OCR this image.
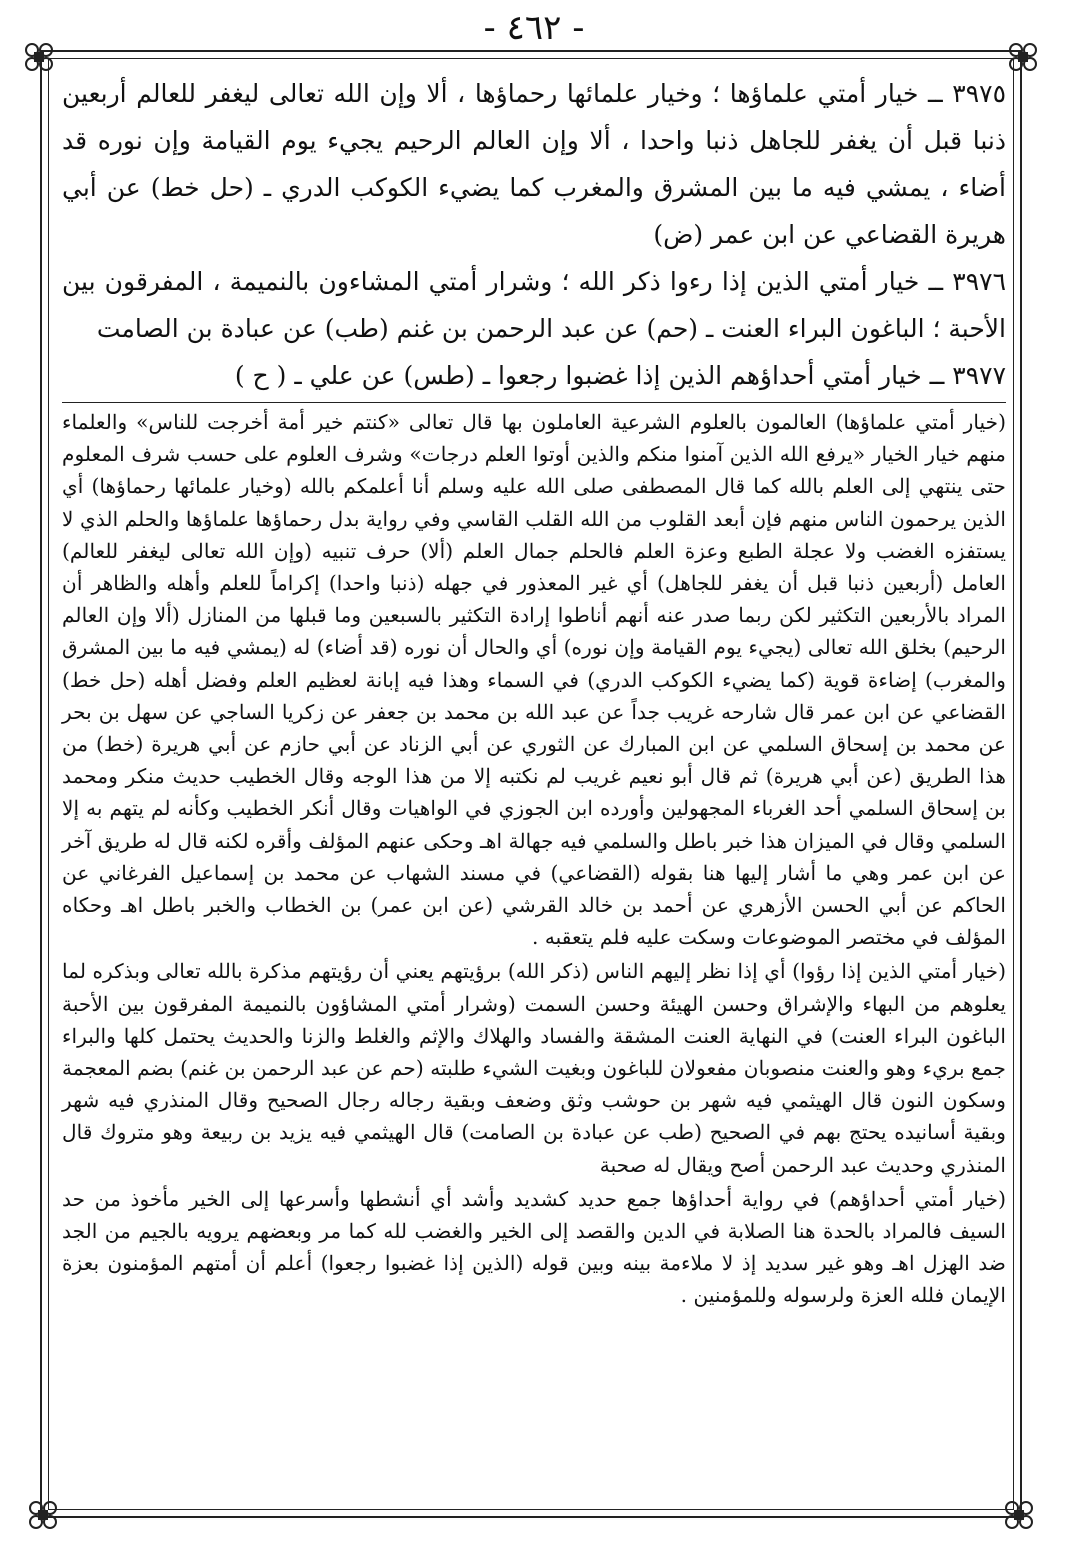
- ٤٦٢ -

٣٩٧٥ ــ خيار أمتي علماؤها ؛ وخيار علمائها رحماؤها ، ألا وإن الله تعالى ليغفر للعالم أربعين ذنبا قبل أن يغفر للجاهل ذنبا واحدا ، ألا وإن العالم الرحيم يجيء يوم القيامة وإن نوره قد أضاء ، يمشي فيه ما بين المشرق والمغرب كما يضيء الكوكب الدري ـ (حل خط) عن أبي هريرة القضاعي عن ابن عمر (ض)

٣٩٧٦ ــ خيار أمتي الذين إذا رءوا ذكر الله ؛ وشرار أمتي المشاءون بالنميمة ، المفرقون بين الأحبة ؛ الباغون البراء العنت ـ (حم) عن عبد الرحمن بن غنم (طب) عن عبادة بن الصامت

٣٩٧٧ ــ خيار أمتي أحداؤهم الذين إذا غضبوا رجعوا ـ (طس) عن علي ـ ( ح )

(خيار أمتي علماؤها) العالمون بالعلوم الشرعية العاملون بها قال تعالى «كنتم خير أمة أخرجت للناس» والعلماء منهم خيار الخيار «يرفع الله الذين آمنوا منكم والذين أوتوا العلم درجات» وشرف العلوم على حسب شرف المعلوم حتى ينتهي إلى العلم بالله كما قال المصطفى صلى الله عليه وسلم أنا أعلمكم بالله (وخيار علمائها رحماؤها) أي الذين يرحمون الناس منهم فإن أبعد القلوب من الله القلب القاسي وفي رواية بدل رحماؤها علماؤها والحلم الذي لا يستفزه الغضب ولا عجلة الطبع وعزة العلم فالحلم جمال العلم (ألا) حرف تنبيه (وإن الله تعالى ليغفر للعالم) العامل (أربعين ذنبا قبل أن يغفر للجاهل) أي غير المعذور في جهله (ذنبا واحدا) إكراماً للعلم وأهله والظاهر أن المراد بالأربعين التكثير لكن ربما صدر عنه أنهم أناطوا إرادة التكثير بالسبعين وما قبلها من المنازل (ألا وإن العالم الرحيم) بخلق الله تعالى (يجيء يوم القيامة وإن نوره) أي والحال أن نوره (قد أضاء) له (يمشي فيه ما بين المشرق والمغرب) إضاءة قوية (كما يضيء الكوكب الدري) في السماء وهذا فيه إبانة لعظيم العلم وفضل أهله (حل خط) القضاعي عن ابن عمر قال شارحه غريب جداً عن عبد الله بن محمد بن جعفر عن زكريا الساجي عن سهل بن بحر عن محمد بن إسحاق السلمي عن ابن المبارك عن الثوري عن أبي الزناد عن أبي حازم عن أبي هريرة (خط) من هذا الطريق (عن أبي هريرة) ثم قال أبو نعيم غريب لم نكتبه إلا من هذا الوجه وقال الخطيب حديث منكر ومحمد بن إسحاق السلمي أحد الغرباء المجهولين وأورده ابن الجوزي في الواهيات وقال أنكر الخطيب وكأنه لم يتهم به إلا السلمي وقال في الميزان هذا خبر باطل والسلمي فيه جهالة اهـ وحكى عنهم المؤلف وأقره لكنه قال له طريق آخر عن ابن عمر وهي ما أشار إليها هنا بقوله (القضاعي) في مسند الشهاب عن محمد بن إسماعيل الفرغاني عن الحاكم عن أبي الحسن الأزهري عن أحمد بن خالد القرشي (عن ابن عمر) بن الخطاب والخبر باطل اهـ وحكاه المؤلف في مختصر الموضوعات وسكت عليه فلم يتعقبه .

(خيار أمتي الذين إذا رؤوا) أي إذا نظر إليهم الناس (ذكر الله) برؤيتهم يعني أن رؤيتهم مذكرة بالله تعالى وبذكره لما يعلوهم من البهاء والإشراق وحسن الهيئة وحسن السمت (وشرار أمتي المشاؤون بالنميمة المفرقون بين الأحبة الباغون البراء العنت) في النهاية العنت المشقة والفساد والهلاك والإثم والغلط والزنا والحديث يحتمل كلها والبراء جمع بريء وهو والعنت منصوبان مفعولان للباغون وبغيت الشيء طلبته (حم عن عبد الرحمن بن غنم) بضم المعجمة وسكون النون قال الهيثمي فيه شهر بن حوشب وثق وضعف وبقية رجاله رجال الصحيح وقال المنذري فيه شهر وبقية أسانيده يحتج بهم في الصحيح (طب عن عبادة بن الصامت) قال الهيثمي فيه يزيد بن ربيعة وهو متروك قال المنذري وحديث عبد الرحمن أصح ويقال له صحبة

(خيار أمتي أحداؤهم) في رواية أحداؤها جمع حديد كشديد وأشد أي أنشطها وأسرعها إلى الخير مأخوذ من حد السيف فالمراد بالحدة هنا الصلابة في الدين والقصد إلى الخير والغضب لله كما مر وبعضهم يرويه بالجيم من الجد ضد الهزل اهـ وهو غير سديد إذ لا ملاءمة بينه وبين قوله (الذين إذا غضبوا رجعوا) أعلم أن أمتهم المؤمنون بعزة الإيمان فلله العزة ولرسوله وللمؤمنين .
